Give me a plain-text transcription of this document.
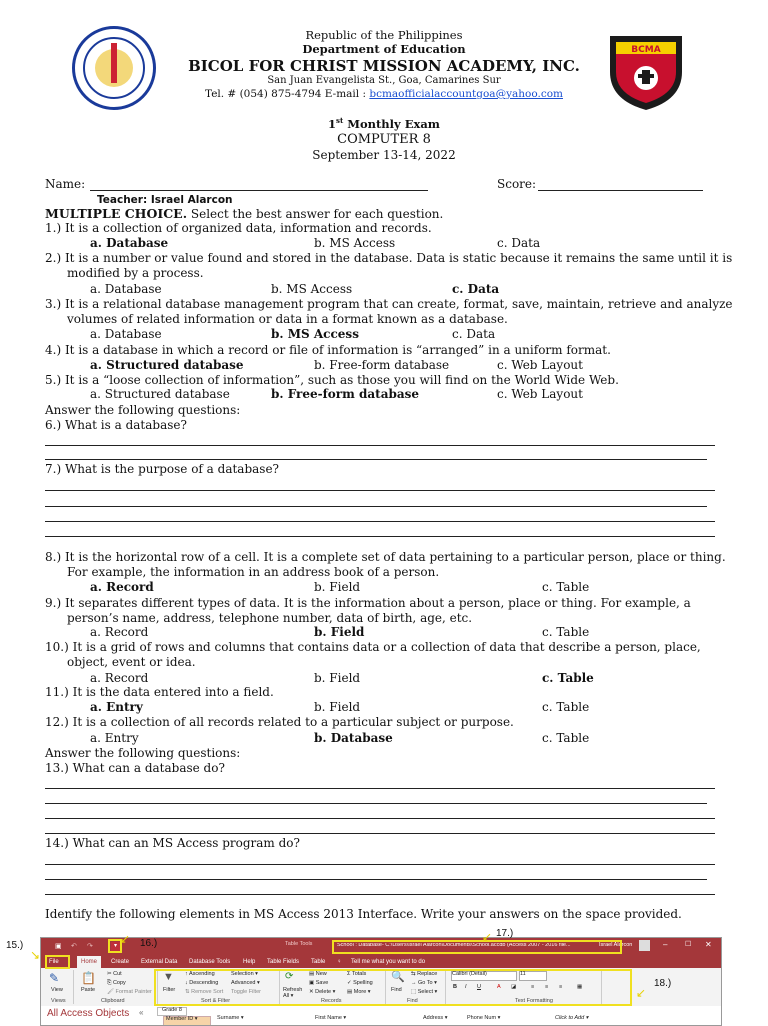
BCMA
Republic of the Philippines
Department of Education
BICOL FOR CHRIST MISSION ACADEMY, INC.
San Juan Evangelista St., Goa, Camarines Sur
Tel. # (054) 875-4794 E-mail : bcmaofficialaccountgoa@yahoo.com
1st Monthly Exam
COMPUTER 8
September 13-14, 2022
Name:	Score:
Teacher: Israel Alarcon
MULTIPLE CHOICE. Select the best answer for each question.
1.) It is a collection of organized data, information and records.
a. Database	b. MS Access	c. Data
2.) It is a number or value found and stored in the database. Data is static because it remains the same until it is
modified by a process.
a. Database	b. MS Access	c. Data
3.) It is a relational database management program that can create, format, save, maintain, retrieve and analyze
volumes of related information or data in a format known as a database.
a. Database	b. MS Access	c. Data
4.) It is a database in which a record or file of information is “arranged” in a uniform format.
a. Structured database	b. Free-form database	c. Web Layout
5.) It is a “loose collection of information”, such as those you will find on the World Wide Web.
a. Structured database	b. Free-form database	c. Web Layout
Answer the following questions:
6.) What is a database?
7.) What is the purpose of a database?
8.) It is the horizontal row of a cell. It is a complete set of data pertaining to a particular person, place or thing.
For example, the information in an address book of a person.
a. Record	b. Field	c. Table
9.) It separates different types of data. It is the information about a person, place or thing. For example, a
person’s name, address, telephone number, data of birth, age, etc.
a. Record	b. Field	c. Table
10.) It is a grid of rows and columns that contains data or a collection of data that describe a person, place,
object, event or idea.
a. Record	b. Field	c. Table
11.) It is the data entered into a field.
a. Entry	b. Field	c. Table
12.) It is a collection of all records related to a particular subject or purpose.
a. Entry	b. Database	c. Table
Answer the following questions:
13.) What can a database do?
14.) What can an MS Access program do?
Identify the following elements in MS Access 2013 Interface. Write your answers on the space provided.
▣ ↶ ↷	▾	Table Tools	School : Database- C:\Users\Israel Alarcon\Documents\School.accdb (Access 2007 - 2016 file...	Israel Alarcon	–	☐ ✕
File	Home	Create External Data Database Tools Help Table Fields Table ♀ Tell me what you want to do
✎
View
📋
Paste
✂ Cut
⎘ Copy
🖌 Format Painter
▼
Filter
↑ Ascending
↓ Descending
⇅ Remove Sort
Selection ▾
Advanced ▾
Toggle Filter
⟳
Refresh All ▾
▤ New
▣ Save
✕ Delete ▾
Σ Totals
✓ Spelling
▤ More ▾
🔍
Find
⇆ Replace
→ Go To ▾
⬚ Select ▾
Calibri (Detail)	11
B I U	A ◪	≡ ≡ ≡	▦
Views	Clipboard	Sort & Filter	Records	Find	Text Formatting
All Access Objects «	Grade 8
Member ID ▾	Surname ▾	First Name ▾	Address ▾	Phone Num ▾	Click to Add ▾
15.)
↘
16.)
↙	17.)
↙
18.)
↙
